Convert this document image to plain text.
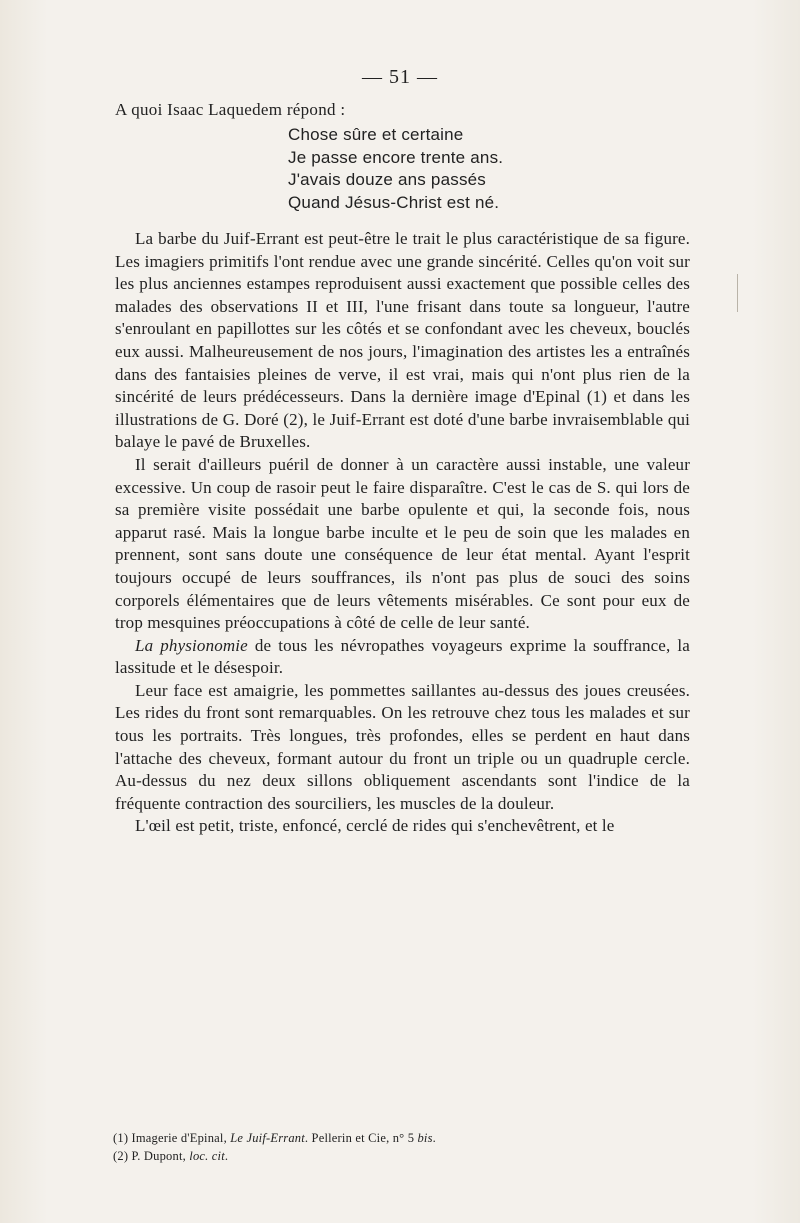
— 51 —
A quoi Isaac Laquedem répond :
Chose sûre et certaine
Je passe encore trente ans.
J'avais douze ans passés
Quand Jésus-Christ est né.

La barbe du Juif-Errant est peut-être le trait le plus caractéristique de sa figure. Les imagiers primitifs l'ont rendue avec une grande sincérité. Celles qu'on voit sur les plus anciennes estampes reproduisent aussi exactement que possible celles des malades des observations II et III, l'une frisant dans toute sa longueur, l'autre s'enroulant en papillottes sur les côtés et se confondant avec les cheveux, bouclés eux aussi. Malheureusement de nos jours, l'imagination des artistes les a entraînés dans des fantaisies pleines de verve, il est vrai, mais qui n'ont plus rien de la sincérité de leurs prédécesseurs. Dans la dernière image d'Epinal (1) et dans les illustrations de G. Doré (2), le Juif-Errant est doté d'une barbe invraisemblable qui balaye le pavé de Bruxelles.

Il serait d'ailleurs puéril de donner à un caractère aussi instable, une valeur excessive. Un coup de rasoir peut le faire disparaître. C'est le cas de S. qui lors de sa première visite possédait une barbe opulente et qui, la seconde fois, nous apparut rasé. Mais la longue barbe inculte et le peu de soin que les malades en prennent, sont sans doute une conséquence de leur état mental. Ayant l'esprit toujours occupé de leurs souffrances, ils n'ont pas plus de souci des soins corporels élémentaires que de leurs vêtements misérables. Ce sont pour eux de trop mesquines préoccupations à côté de celle de leur santé.

La physionomie de tous les névropathes voyageurs exprime la souffrance, la lassitude et le désespoir.

Leur face est amaigrie, les pommettes saillantes au-dessus des joues creusées. Les rides du front sont remarquables. On les retrouve chez tous les malades et sur tous les portraits. Très longues, très profondes, elles se perdent en haut dans l'attache des cheveux, formant autour du front un triple ou un quadruple cercle. Au-dessus du nez deux sillons obliquement ascendants sont l'indice de la fréquente contraction des sourciliers, les muscles de la douleur.

L'œil est petit, triste, enfoncé, cerclé de rides qui s'enchevêtrent, et le

(1) Imagerie d'Epinal, Le Juif-Errant. Pellerin et Cie, n° 5 bis.
(2) P. Dupont, loc. cit.
